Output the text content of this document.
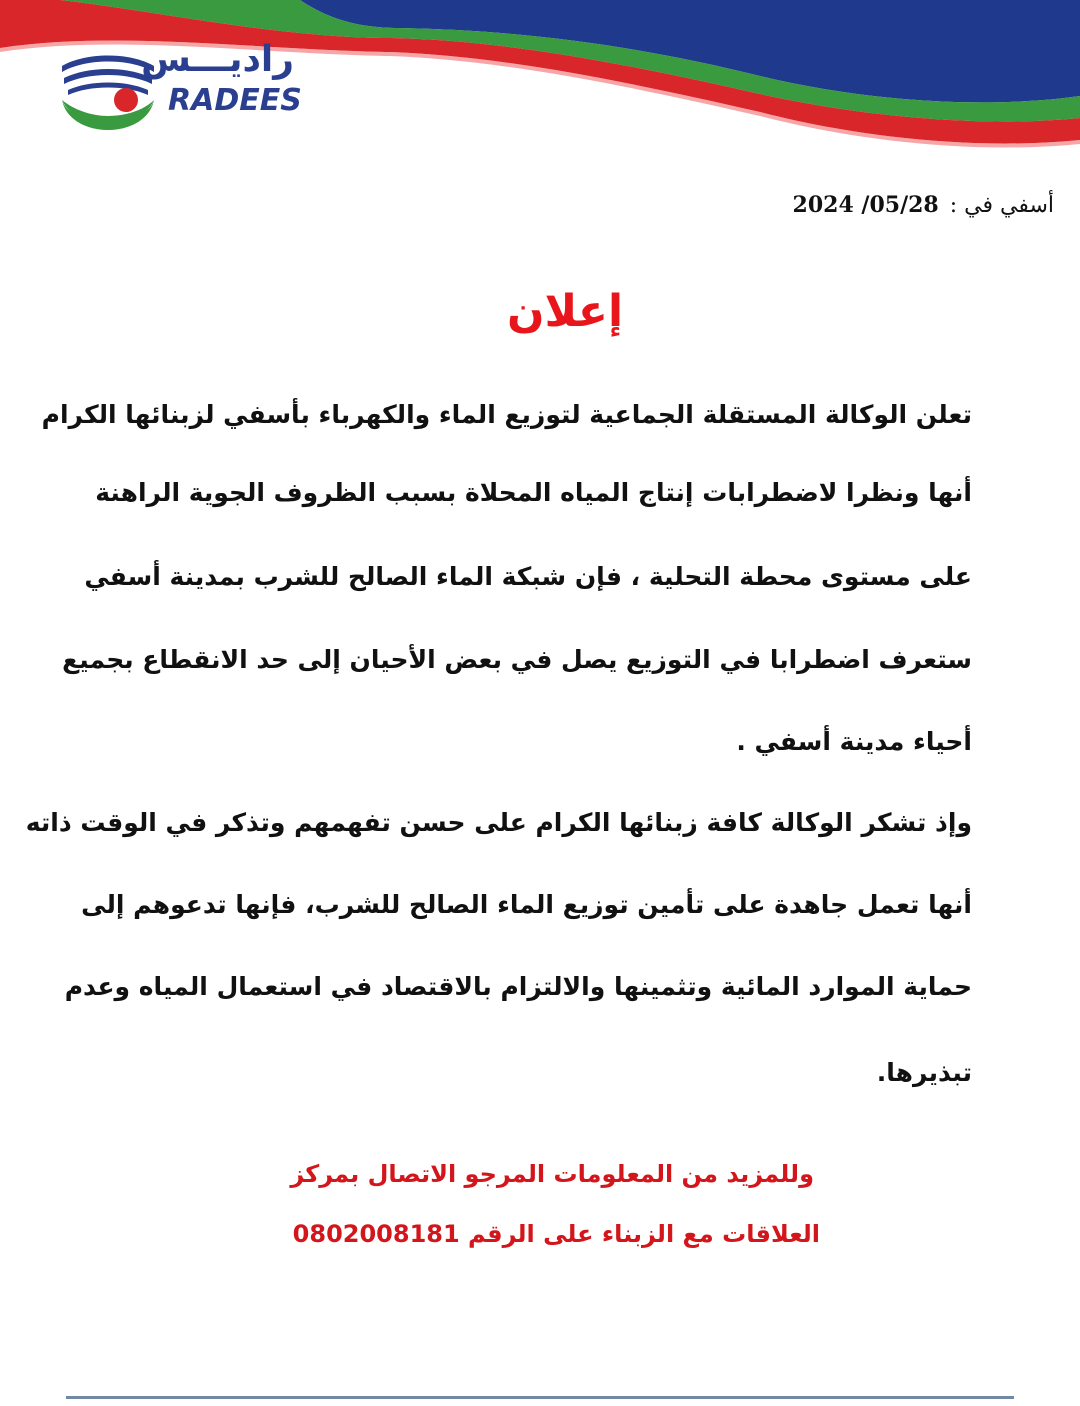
راديـــس
RADEES
أسفي في : 2024 /05/28
إعلان
تعلن الوكالة المستقلة الجماعية لتوزيع الماء والكهرباء بأسفي لزبنائها الكرام
أنها ونظرا لاضطرابات إنتاج المياه المحلاة بسبب الظروف الجوية الراهنة
على مستوى محطة التحلية ، فإن شبكة الماء الصالح للشرب بمدينة أسفي
ستعرف اضطرابا في التوزيع يصل في بعض الأحيان إلى حد الانقطاع بجميع
أحياء مدينة أسفي .
وإذ تشكر الوكالة كافة زبنائها الكرام على حسن تفهمهم وتذكر في الوقت ذاته
أنها تعمل جاهدة على تأمين توزيع الماء الصالح للشرب، فإنها تدعوهم إلى
حماية الموارد المائية وتثمينها والالتزام بالاقتصاد في استعمال المياه وعدم
تبذيرها.
وللمزيد من المعلومات المرجو الاتصال بمركز
العلاقات مع الزبناء على الرقم 0802008181
